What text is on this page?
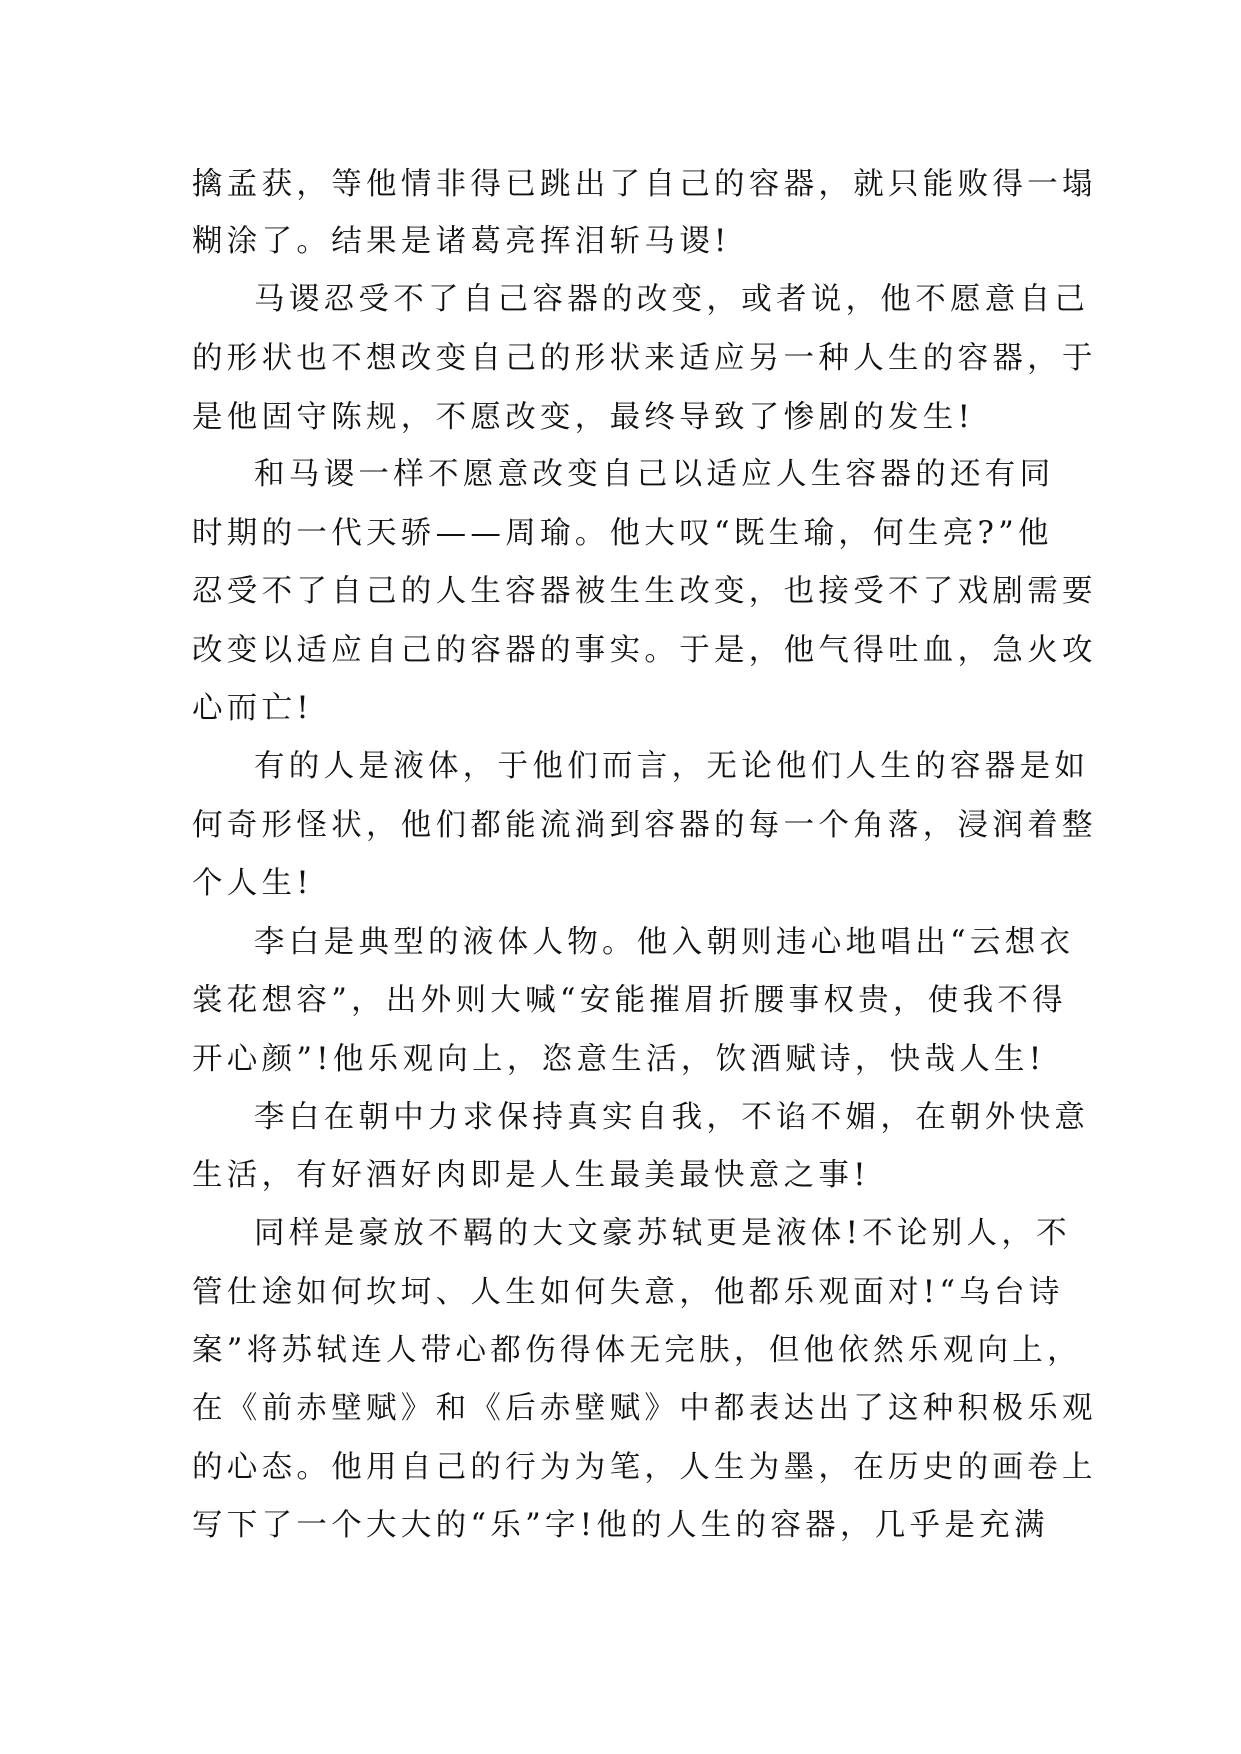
擒孟获，等他情非得已跳出了自己的容器，就只能败得一塌
糊涂了。结果是诸葛亮挥泪斩马谡!
马谡忍受不了自己容器的改变，或者说，他不愿意自己
的形状也不想改变自己的形状来适应另一种人生的容器，于
是他固守陈规，不愿改变，最终导致了惨剧的发生!
和马谡一样不愿意改变自己以适应人生容器的还有同
时期的一代天骄——周瑜。他大叹“既生瑜，何生亮?”他
忍受不了自己的人生容器被生生改变，也接受不了戏剧需要
改变以适应自己的容器的事实。于是，他气得吐血，急火攻
心而亡!
有的人是液体，于他们而言，无论他们人生的容器是如
何奇形怪状，他们都能流淌到容器的每一个角落，浸润着整
个人生!
李白是典型的液体人物。他入朝则违心地唱出“云想衣
裳花想容”，出外则大喊“安能摧眉折腰事权贵，使我不得
开心颜”!他乐观向上，恣意生活，饮酒赋诗，快哉人生!
李白在朝中力求保持真实自我，不谄不媚，在朝外快意
生活，有好酒好肉即是人生最美最快意之事!
同样是豪放不羁的大文豪苏轼更是液体!不论别人，不
管仕途如何坎坷、人生如何失意，他都乐观面对!“乌台诗
案”将苏轼连人带心都伤得体无完肤，但他依然乐观向上，
在《前赤壁赋》和《后赤壁赋》中都表达出了这种积极乐观
的心态。他用自己的行为为笔，人生为墨，在历史的画卷上
写下了一个大大的“乐”字!他的人生的容器，几乎是充满
